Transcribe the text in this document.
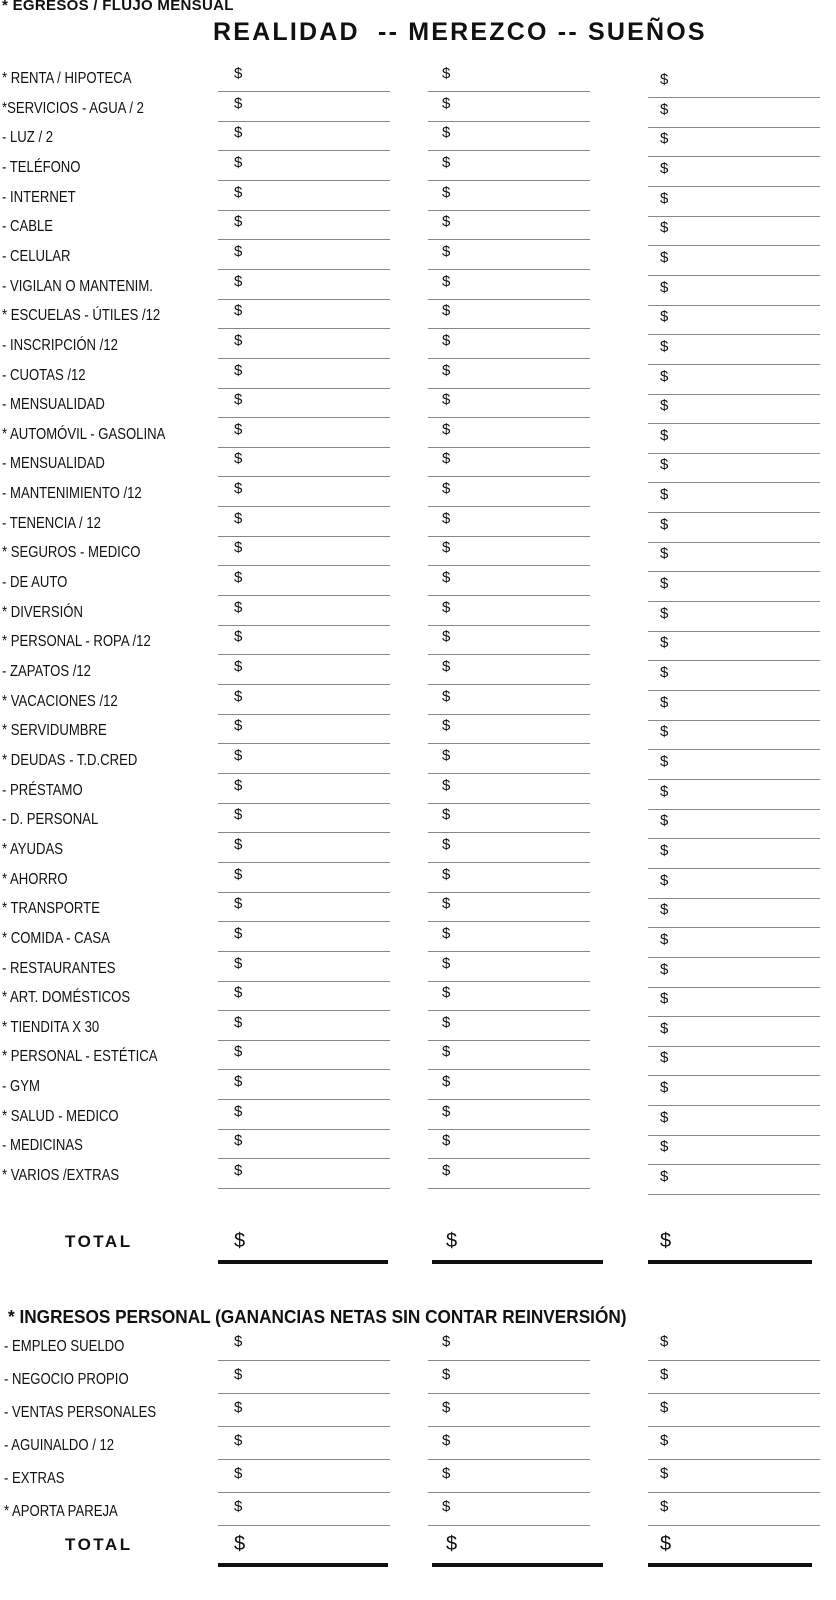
* EGRESOS / FLUJO MENSUAL
REALIDAD  -- MEREZCO -- SUEÑOS
* RENTA / HIPOTECA	$	$	$
*SERVICIOS - AGUA / 2	$	$	$
- LUZ / 2	$	$	$
- TELÉFONO	$	$	$
- INTERNET	$	$	$
- CABLE	$	$	$
- CELULAR	$	$	$
- VIGILAN O MANTENIM.	$	$	$
* ESCUELAS - ÚTILES /12	$	$	$
- INSCRIPCIÓN /12	$	$	$
- CUOTAS /12	$	$	$
- MENSUALIDAD	$	$	$
* AUTOMÓVIL - GASOLINA	$	$	$
- MENSUALIDAD	$	$	$
- MANTENIMIENTO /12	$	$	$
- TENENCIA / 12	$	$	$
* SEGUROS - MEDICO	$	$	$
- DE AUTO	$	$	$
* DIVERSIÓN	$	$	$
* PERSONAL - ROPA /12	$	$	$
- ZAPATOS /12	$	$	$
* VACACIONES /12	$	$	$
* SERVIDUMBRE	$	$	$
* DEUDAS - T.D.CRED	$	$	$
- PRÉSTAMO	$	$	$
- D. PERSONAL	$	$	$
* AYUDAS	$	$	$
* AHORRO	$	$	$
* TRANSPORTE	$	$	$
* COMIDA - CASA	$	$	$
- RESTAURANTES	$	$	$
* ART. DOMÉSTICOS	$	$	$
* TIENDITA X 30	$	$	$
* PERSONAL - ESTÉTICA	$	$	$
- GYM	$	$	$
* SALUD - MEDICO	$	$	$
- MEDICINAS	$	$	$
* VARIOS /EXTRAS	$	$	$
TOTAL	$	$	$
* INGRESOS PERSONAL (GANANCIAS NETAS SIN CONTAR REINVERSIÓN)
- EMPLEO SUELDO	$	$	$
- NEGOCIO PROPIO	$	$	$
- VENTAS PERSONALES	$	$	$
- AGUINALDO / 12	$	$	$
- EXTRAS	$	$	$
* APORTA PAREJA	$	$	$
TOTAL	$	$	$
